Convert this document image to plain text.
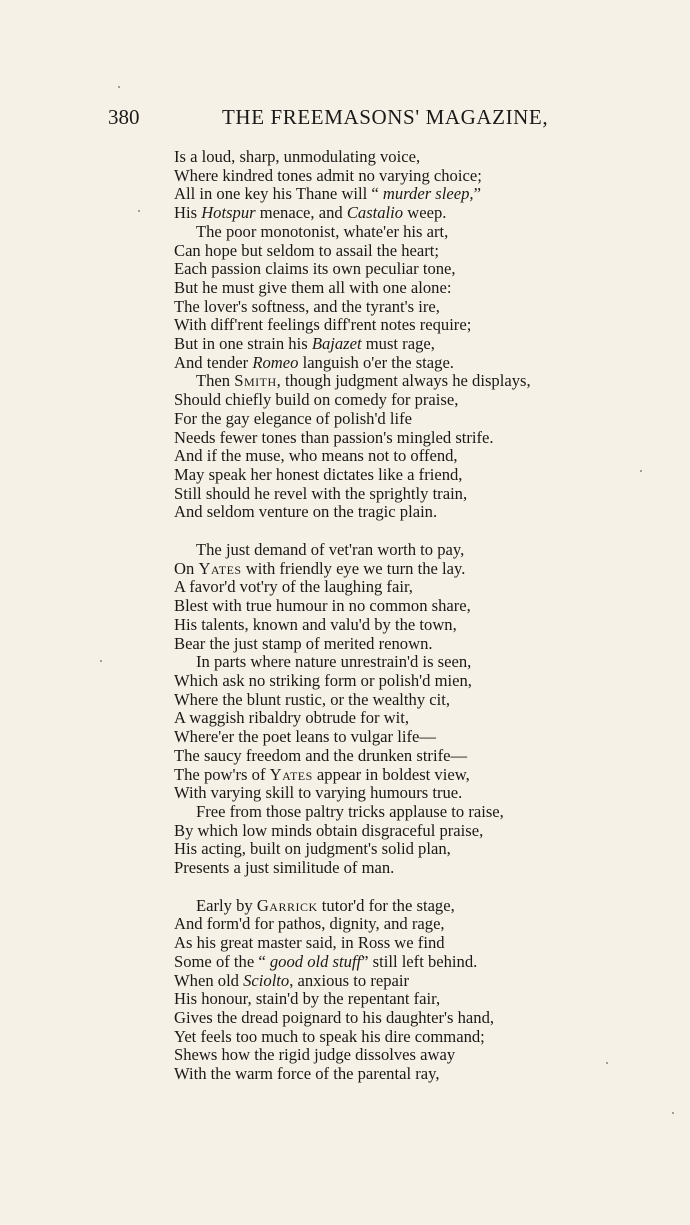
380	THE FREEMASONS' MAGAZINE,
Is a loud, sharp, unmodulating voice,
Where kindred tones admit no varying choice;
All in one key his Thane will “ murder sleep,”
His Hotspur menace, and Castalio weep.
The poor monotonist, whate'er his art,
Can hope but seldom to assail the heart;
Each passion claims its own peculiar tone,
But he must give them all with one alone:
The lover's softness, and the tyrant's ire,
With diff'rent feelings diff'rent notes require;
But in one strain his Bajazet must rage,
And tender Romeo languish o'er the stage.
Then Smith, though judgment always he displays,
Should chiefly build on comedy for praise,
For the gay elegance of polish'd life
Needs fewer tones than passion's mingled strife.
And if the muse, who means not to offend,
May speak her honest dictates like a friend,
Still should he revel with the sprightly train,
And seldom venture on the tragic plain.
The just demand of vet'ran worth to pay,
On Yates with friendly eye we turn the lay.
A favor'd vot'ry of the laughing fair,
Blest with true humour in no common share,
His talents, known and valu'd by the town,
Bear the just stamp of merited renown.
In parts where nature unrestrain'd is seen,
Which ask no striking form or polish'd mien,
Where the blunt rustic, or the wealthy cit,
A waggish ribaldry obtrude for wit,
Where'er the poet leans to vulgar life—
The saucy freedom and the drunken strife—
The pow'rs of Yates appear in boldest view,
With varying skill to varying humours true.
Free from those paltry tricks applause to raise,
By which low minds obtain disgraceful praise,
His acting, built on judgment's solid plan,
Presents a just similitude of man.
Early by Garrick tutor'd for the stage,
And form'd for pathos, dignity, and rage,
As his great master said, in Ross we find
Some of the “ good old stuff” still left behind.
When old Sciolto, anxious to repair
His honour, stain'd by the repentant fair,
Gives the dread poignard to his daughter's hand,
Yet feels too much to speak his dire command;
Shews how the rigid judge dissolves away
With the warm force of the parental ray,
